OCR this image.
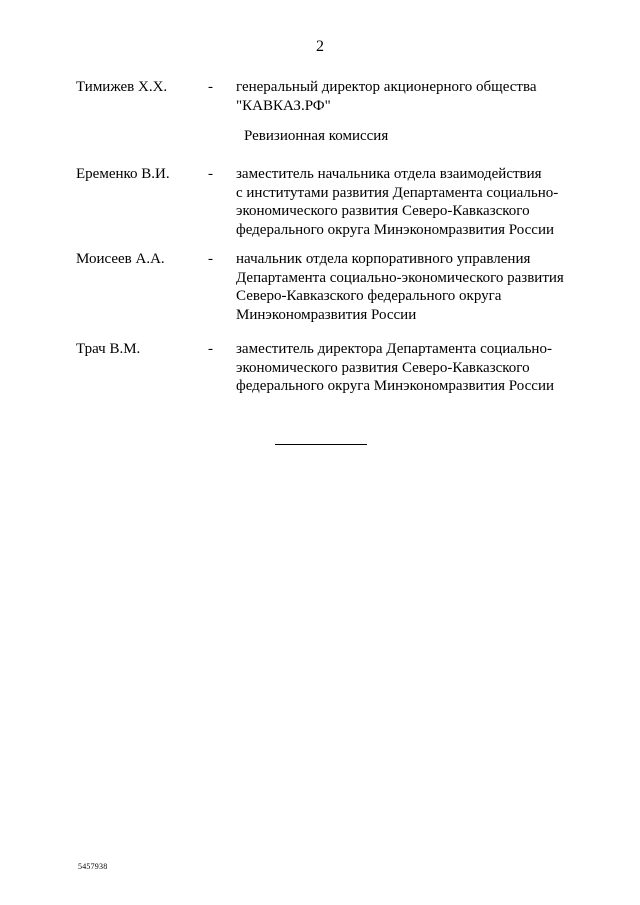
2
Тимижев Х.Х.	- генеральный директор акционерного общества
"КАВКАЗ.РФ"
Ревизионная комиссия
Еременко В.И.	- заместитель начальника отдела взаимодействия
с институтами развития Департамента социально-
экономического развития Северо-Кавказского
федерального округа Минэкономразвития России
Моисеев А.А.	- начальник отдела корпоративного управления
Департамента социально-экономического развития
Северо-Кавказского федерального округа
Минэкономразвития России
Трач В.М.	- заместитель директора Департамента социально-
экономического развития Северо-Кавказского
федерального округа Минэкономразвития России
5457938
